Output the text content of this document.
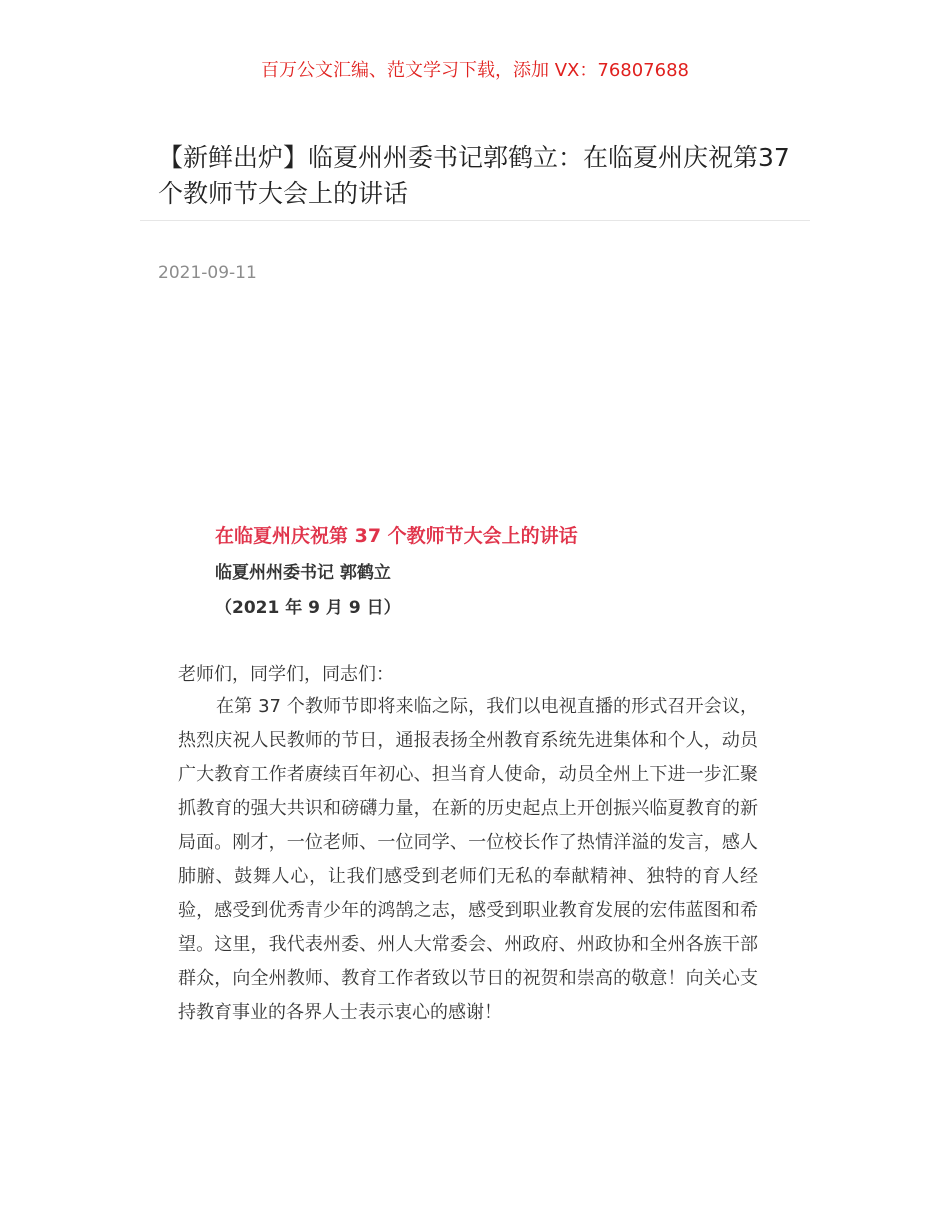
百万公文汇编、范文学习下载，添加 VX：76807688
【新鲜出炉】临夏州州委书记郭鹤立：在临夏州庆祝第37个教师节大会上的讲话
2021-09-11
在临夏州庆祝第 37 个教师节大会上的讲话
临夏州州委书记 郭鹤立
（2021 年 9 月 9 日）
老师们，同学们，同志们：

在第 37 个教师节即将来临之际，我们以电视直播的形式召开会议，热烈庆祝人民教师的节日，通报表扬全州教育系统先进集体和个人，动员广大教育工作者赓续百年初心、担当育人使命，动员全州上下进一步汇聚抓教育的强大共识和磅礴力量，在新的历史起点上开创振兴临夏教育的新局面。刚才，一位老师、一位同学、一位校长作了热情洋溢的发言，感人肺腑、鼓舞人心，让我们感受到老师们无私的奉献精神、独特的育人经验，感受到优秀青少年的鸿鹄之志，感受到职业教育发展的宏伟蓝图和希望。这里，我代表州委、州人大常委会、州政府、州政协和全州各族干部群众，向全州教师、教育工作者致以节日的祝贺和崇高的敬意！向关心支持教育事业的各界人士表示衷心的感谢！
